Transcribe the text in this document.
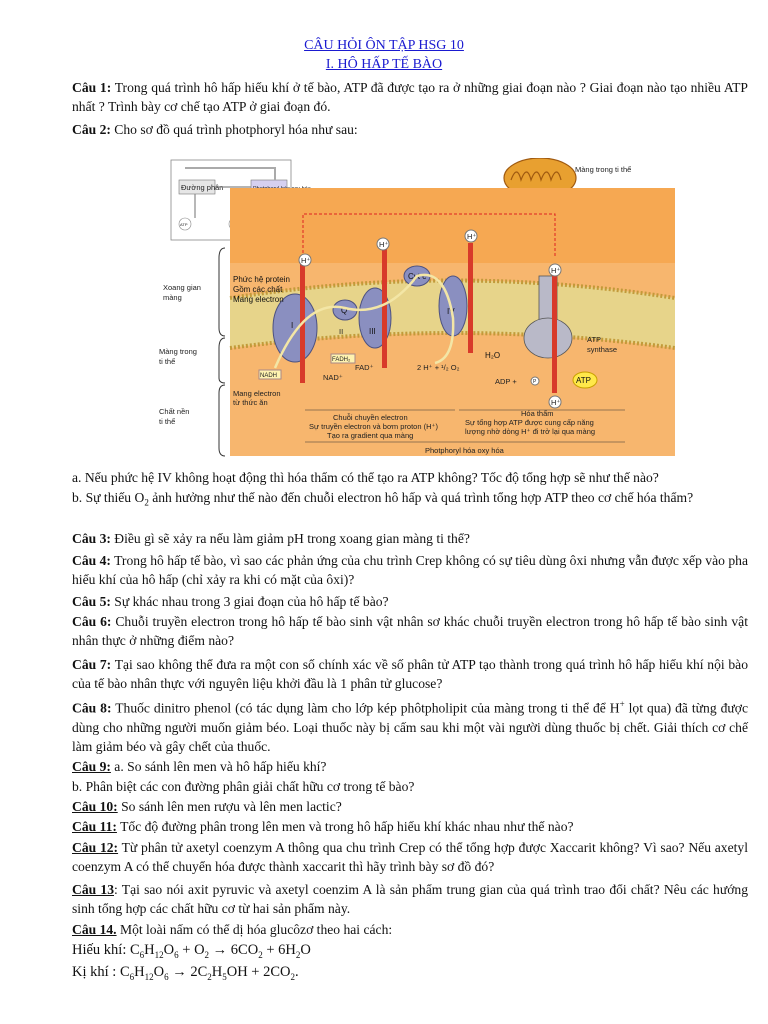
CÂU HỎI ÔN TẬP HSG 10
I. HÔ HẤP TẾ BÀO
Câu 1: Trong quá trình hô hấp hiếu khí ở tế bào, ATP đã được tạo ra ở những giai đoạn nào ? Giai đoạn nào tạo nhiều ATP nhất ? Trình bày cơ chế tạo ATP ở giai đoạn đó.
Câu 2: Cho sơ đồ quá trình photphoryl hóa như sau:
Đường phân
ATP
Màng trong ti thể
I
Q
III
IV
Cyt c
H⁺
H⁺
H⁺
H⁺
H⁺
Xoang gian
màng
Màng trong
ti thể
Chất nền
ti thể
Phức hệ protein
Gồm các chất
Mang electron
Mang electron
từ thức ăn
NADH	NAD⁺
FADH₂
FAD⁺
II
2 H⁺ + ¹/₂ O₂
H₂O
ADP +	P	ATP
ATP
synthase
Chuỗi chuyền electron
Sự truyền electron và bơm proton (H⁺)
Tạo ra gradient qua màng
Hóa thẩm
Sự tổng hợp ATP được cung cấp năng
lượng nhờ dòng H⁺ đi trở lại qua màng
Photphoryl hóa oxy hóa
a. Nếu phức hệ IV không hoạt động thì hóa thẩm có thể tạo ra ATP không? Tốc độ tổng hợp sẽ như thế nào?
b. Sự thiếu $O_2$ ảnh hưởng như thế nào đến chuỗi electron hô hấp và quá trình tổng hợp ATP theo cơ chế hóa thẩm?
Câu 3: Điều gì sẽ xảy ra nếu làm giảm pH trong xoang gian màng ti thể?
Câu 4: Trong hô hấp tế bào, vì sao các phản ứng của chu trình Crep không có sự tiêu dùng ôxi nhưng vẫn được xếp vào pha hiếu khí của hô hấp (chỉ xảy ra khi có mặt của ôxi)?
Câu 5: Sự khác nhau trong 3 giai đoạn của hô hấp tế bào?
Câu 6: Chuỗi truyền electron trong hô hấp tế bào sinh vật nhân sơ khác chuỗi truyền electron trong hô hấp tế bào sinh vật nhân thực ở những điểm nào?
Câu 7: Tại sao không thể đưa ra một con số chính xác về số phân tử ATP tạo thành trong quá trình hô hấp hiếu khí nội bào của tế bào nhân thực với nguyên liệu khởi đầu là 1 phân tử glucose?
Câu 8: Thuốc dinitro phenol (có tác dụng làm cho lớp kép phôtpholipit của màng trong ti thể để H+ lọt qua) đã từng được dùng cho những người muốn giảm béo. Loại thuốc này bị cấm sau khi một vài người dùng thuốc bị chết. Giải thích cơ chế làm giảm béo và gây chết của thuốc.
Câu 9: a. So sánh lên men và hô hấp hiếu khí?
b. Phân biệt các con đường phân giải chất hữu cơ trong tế bào?
Câu 10: So sánh lên men rượu và lên men lactic?
Câu 11: Tốc độ đường phân trong lên men và trong hô hấp hiếu khí khác nhau như thế nào?
Câu 12: Từ phân tử axetyl coenzym A thông qua chu trình Crep có thể tổng hợp được Xaccarit không? Vì sao? Nếu axetyl coenzym A có thể chuyển hóa được thành xaccarit thì hãy trình bày sơ đồ đó?
Câu 13: Tại sao nói axit pyruvic và axetyl coenzim A là sản phẩm trung gian của quá trình trao đổi chất? Nêu các hướng sinh tổng hợp các chất hữu cơ từ hai sản phẩm này.
Câu 14. Một loài nấm có thể dị hóa glucôzơ theo hai cách:
Hiếu khí: $C_6H_{12}O_6 + O_2 \to 6CO_2 + 6H_2O$
Kị khí : $C_6H_{12}O_6 \to 2C_2H_5OH + 2CO_2$.
